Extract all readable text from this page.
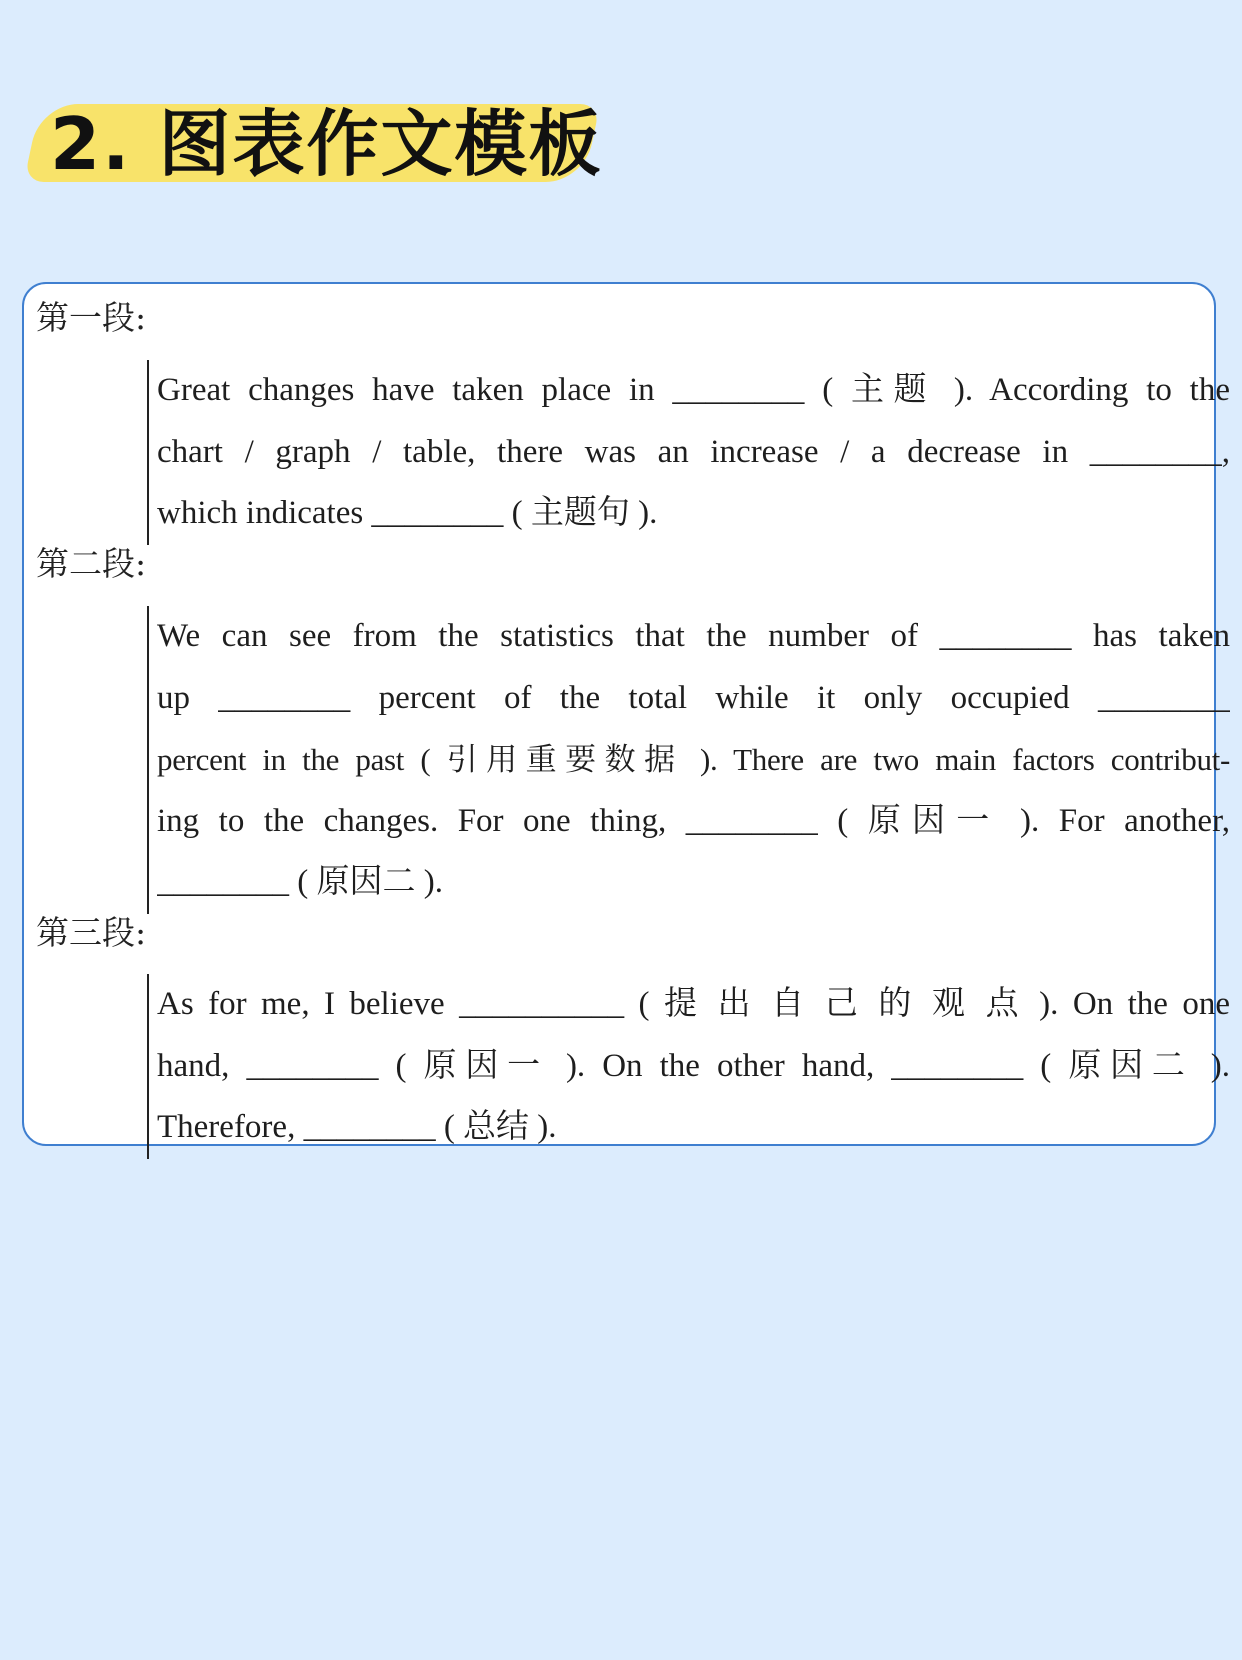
2. 图表作文模板
第一段:
Great changes have taken place in ________ ( 主题 ). According to the
chart / graph / table, there was an increase / a decrease in ________,
which indicates ________ ( 主题句 ).
第二段:
We can see from the statistics that the number of ________ has taken
up ________ percent of the total while it only occupied ________
percent in the past ( 引用重要数据 ). There are two main factors contribut-
ing to the changes. For one thing, ________ ( 原因一 ). For another,
________ ( 原因二 ).
第三段:
As for me, I believe __________ ( 提 出 自 己 的 观 点 ). On the one
hand, ________ ( 原因一 ). On the other hand, ________ ( 原因二 ).
Therefore, ________ ( 总结 ).
